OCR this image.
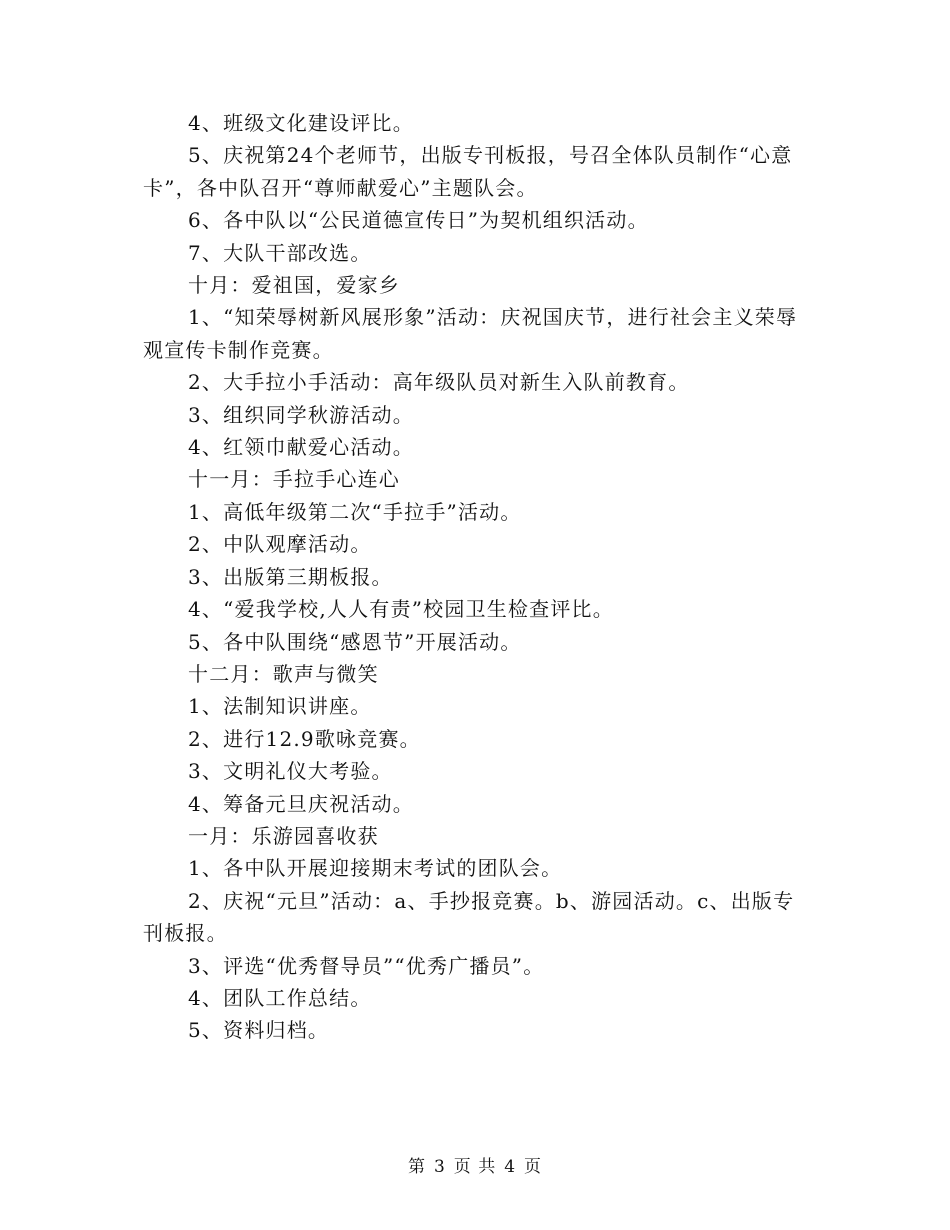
4、班级文化建设评比。

5、庆祝第24个老师节，出版专刊板报，号召全体队员制作“心意卡”，各中队召开“尊师献爱心”主题队会。

6、各中队以“公民道德宣传日”为契机组织活动。

7、大队干部改选。

十月：爱祖国，爱家乡

1、“知荣辱树新风展形象”活动：庆祝国庆节，进行社会主义荣辱观宣传卡制作竞赛。

2、大手拉小手活动：高年级队员对新生入队前教育。

3、组织同学秋游活动。

4、红领巾献爱心活动。

十一月：手拉手心连心

1、高低年级第二次“手拉手”活动。

2、中队观摩活动。

3、出版第三期板报。

4、“爱我学校,人人有责”校园卫生检查评比。

5、各中队围绕“感恩节”开展活动。

十二月：歌声与微笑

1、法制知识讲座。

2、进行12.9歌咏竞赛。

3、文明礼仪大考验。

4、筹备元旦庆祝活动。

一月：乐游园喜收获

1、各中队开展迎接期末考试的团队会。

2、庆祝“元旦”活动：a、手抄报竞赛。b、游园活动。c、出版专刊板报。

3、评选“优秀督导员”“优秀广播员”。

4、团队工作总结。

5、资料归档。

第 3 页 共 4 页
